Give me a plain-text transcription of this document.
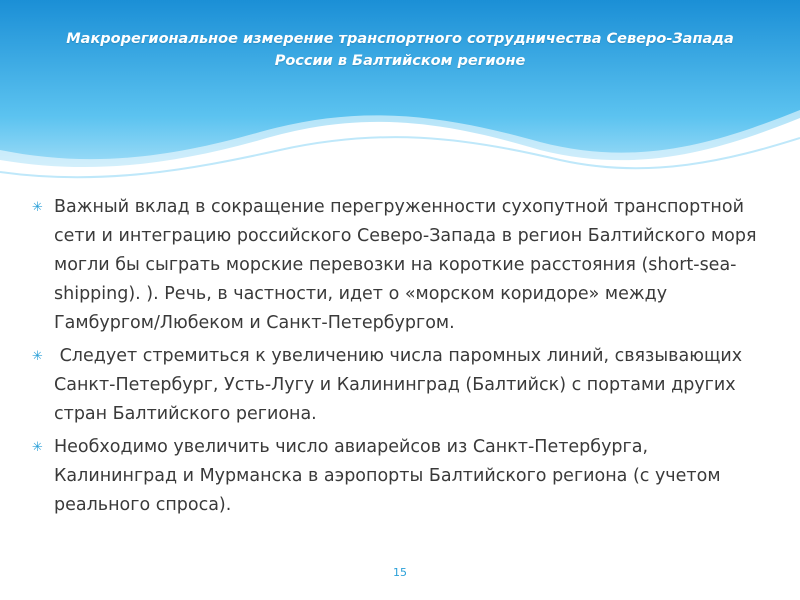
Макрорегиональное измерение транспортного сотрудничества Северо-Запада России в Балтийском регионе
✳ Важный вклад в сокращение перегруженности сухопутной транспортной сети и интеграцию российского Северо-Запада в регион Балтийского моря могли бы сыграть морские перевозки на короткие расстояния (short-sea-shipping). ). Речь, в частности, идет о «морском коридоре» между Гамбургом/Любеком и Санкт-Петербургом.
✳ Следует стремиться к увеличению числа паромных линий, связывающих Санкт-Петербург, Усть-Лугу и Калининград (Балтийск) с портами других стран Балтийского региона.
✳ Необходимо увеличить число авиарейсов из Санкт-Петербурга, Калининград и Мурманска в аэропорты Балтийского региона (с учетом реального спроса).
15
